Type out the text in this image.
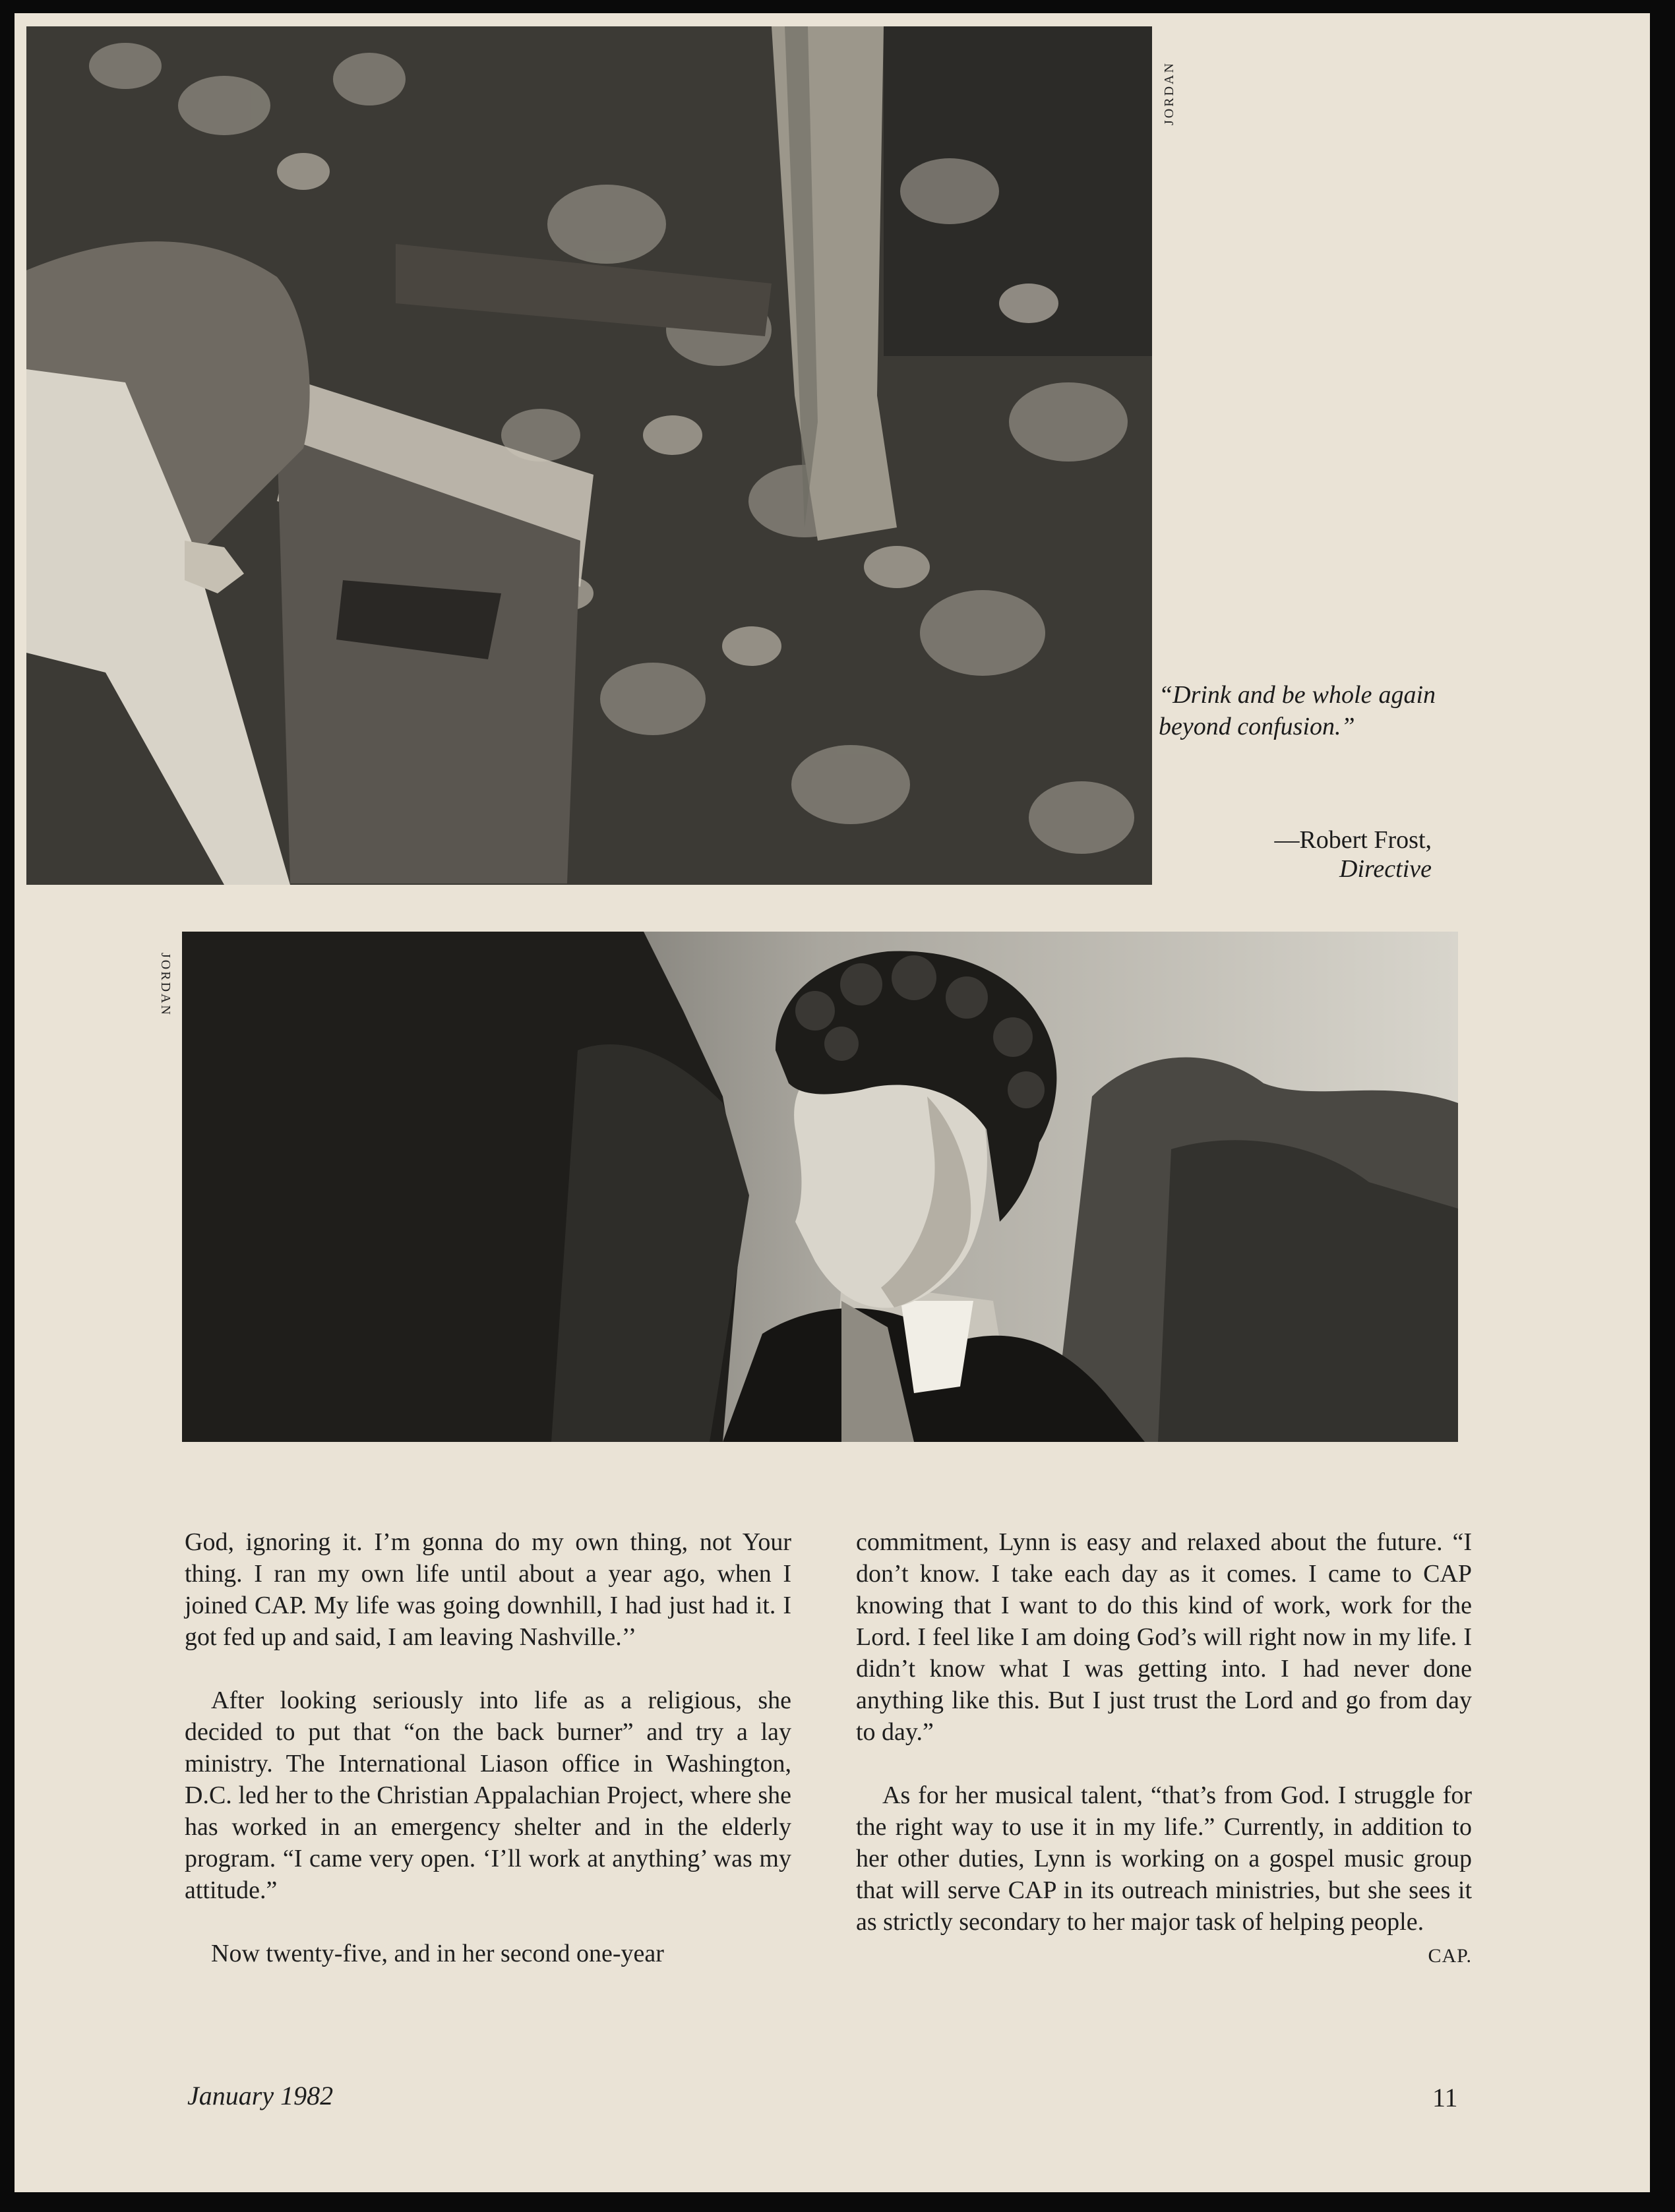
JORDAN
“Drink and be whole again beyond confusion.”
—Robert Frost,
Directive
JORDAN

God, ignoring it. I’m gonna do my own thing, not Your thing. I ran my own life until about a year ago, when I joined CAP. My life was going downhill, I had just had it. I got fed up and said, I am leaving Nashville.’’

After looking seriously into life as a religious, she decided to put that “on the back burner” and try a lay ministry. The International Liason office in Washington, D.C. led her to the Christian Appalachian Project, where she has worked in an emergency shelter and in the elderly program. “I came very open. ‘I’ll work at anything’ was my attitude.”

Now twenty-five, and in her second one-year

commitment, Lynn is easy and relaxed about the future. “I don’t know. I take each day as it comes. I came to CAP knowing that I want to do this kind of work, work for the Lord. I feel like I am doing God’s will right now in my life. I didn’t know what I was getting into. I had never done anything like this. But I just trust the Lord and go from day to day.”

As for her musical talent, “that’s from God. I struggle for the right way to use it in my life.” Currently, in addition to her other duties, Lynn is working on a gospel music group that will serve CAP in its outreach ministries, but she sees it as strictly secondary to her major task of helping people.
CAP.

January 1982	11
